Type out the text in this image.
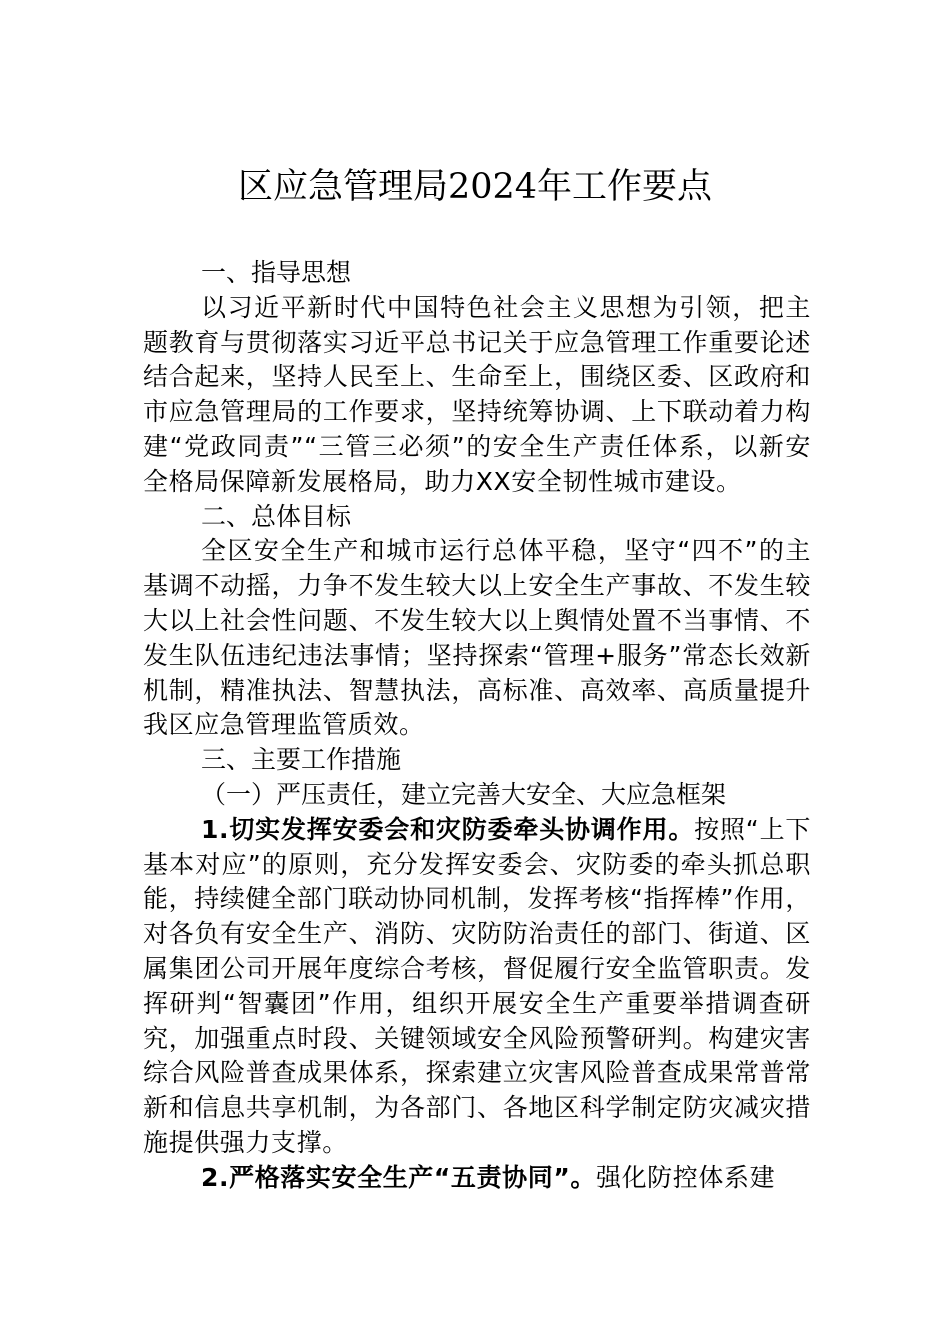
区应急管理局2024年工作要点

一、指导思想

以习近平新时代中国特色社会主义思想为引领，把主题教育与贯彻落实习近平总书记关于应急管理工作重要论述结合起来，坚持人民至上、生命至上，围绕区委、区政府和市应急管理局的工作要求，坚持统筹协调、上下联动着力构建“党政同责”“三管三必须”的安全生产责任体系，以新安全格局保障新发展格局，助力XX安全韧性城市建设。

二、总体目标

全区安全生产和城市运行总体平稳，坚守“四不”的主基调不动摇，力争不发生较大以上安全生产事故、不发生较大以上社会性问题、不发生较大以上舆情处置不当事情、不发生队伍违纪违法事情；坚持探索“管理+服务”常态长效新机制，精准执法、智慧执法，高标准、高效率、高质量提升我区应急管理监管质效。

三、主要工作措施

（一）严压责任，建立完善大安全、大应急框架

1.切实发挥安委会和灾防委牵头协调作用。按照“上下基本对应”的原则，充分发挥安委会、灾防委的牵头抓总职能，持续健全部门联动协同机制，发挥考核“指挥棒”作用，对各负有安全生产、消防、灾防防治责任的部门、街道、区属集团公司开展年度综合考核，督促履行安全监管职责。发挥研判“智囊团”作用，组织开展安全生产重要举措调查研究，加强重点时段、关键领域安全风险预警研判。构建灾害综合风险普查成果体系，探索建立灾害风险普查成果常普常新和信息共享机制，为各部门、各地区科学制定防灾减灾措施提供强力支撑。

2.严格落实安全生产“五责协同”。强化防控体系建
